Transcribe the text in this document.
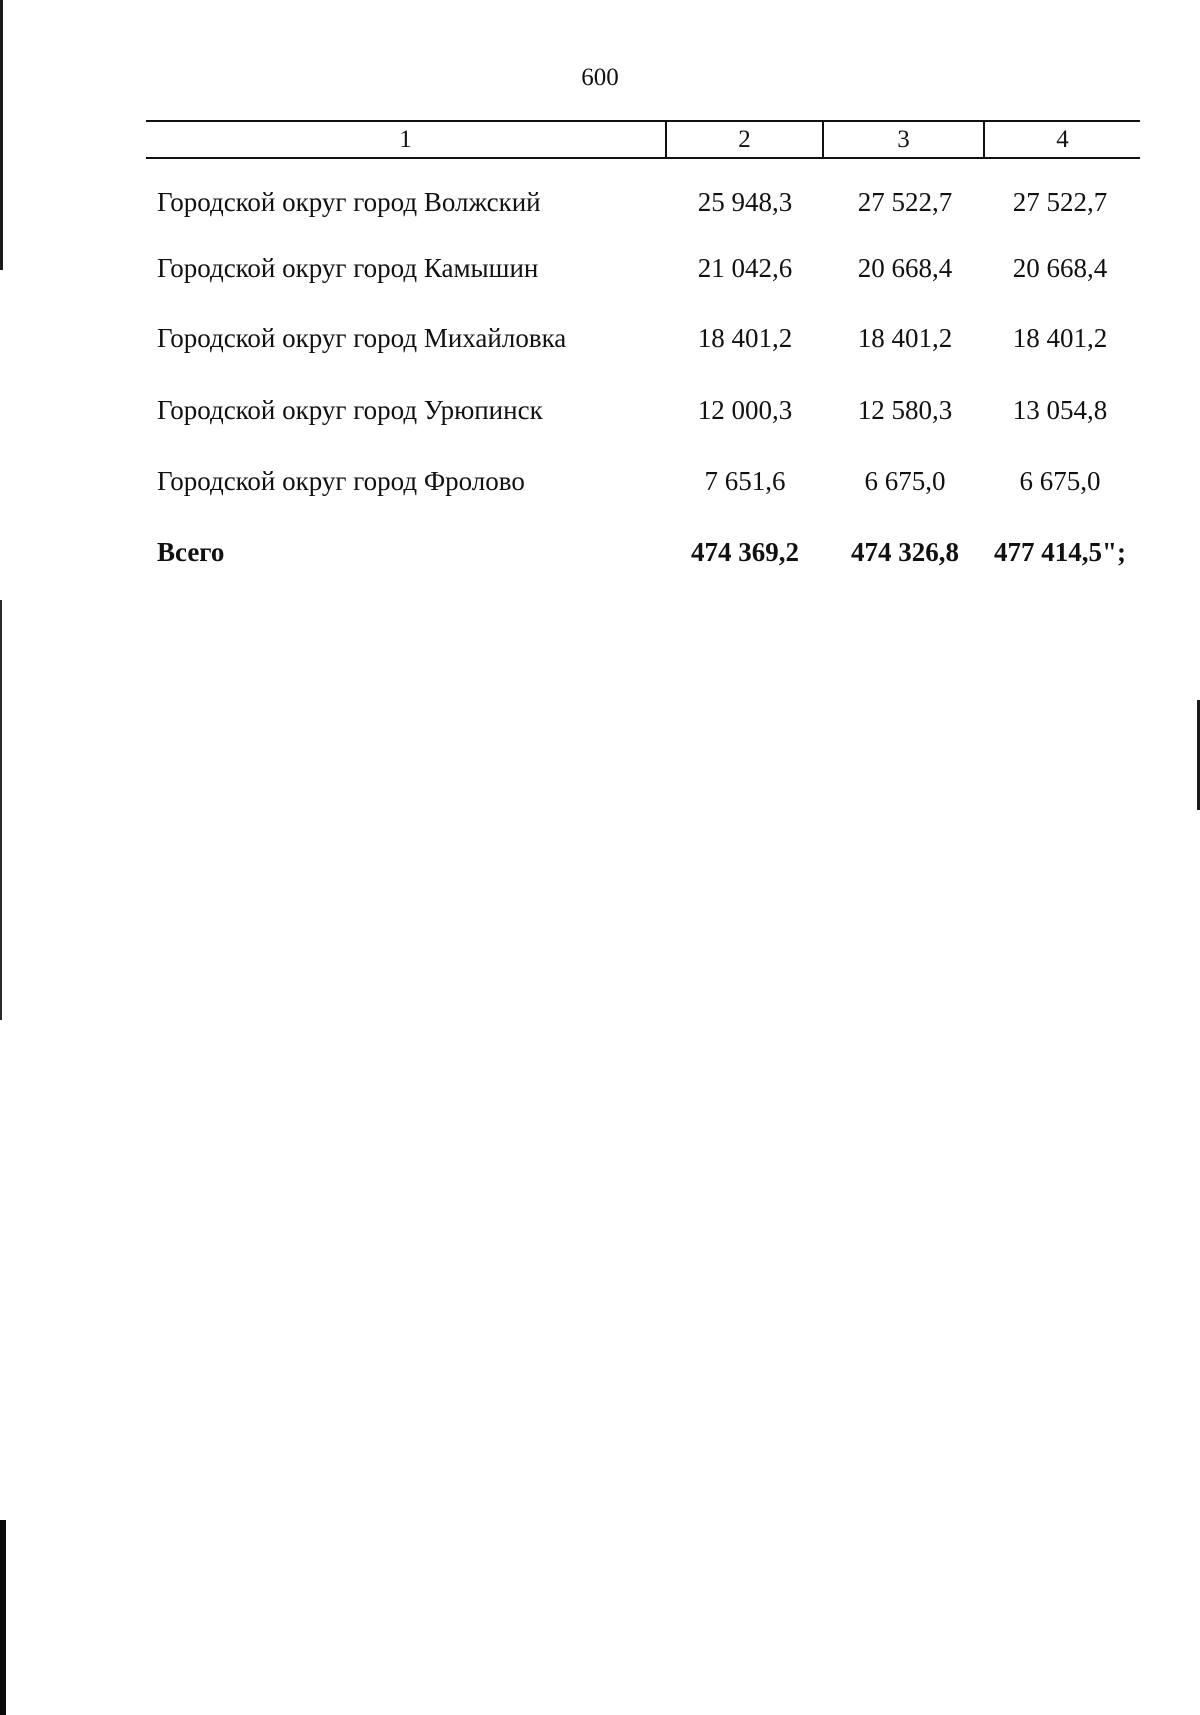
600
1	2	3	4
Городской округ город Волжский	25 948,3	27 522,7	27 522,7
Городской округ город Камышин	21 042,6	20 668,4	20 668,4
Городской округ город Михайловка	18 401,2	18 401,2	18 401,2
Городской округ город Урюпинск	12 000,3	12 580,3	13 054,8
Городской округ город Фролово	7 651,6	6 675,0	6 675,0
Всего	474 369,2	474 326,8	477 414,5";
